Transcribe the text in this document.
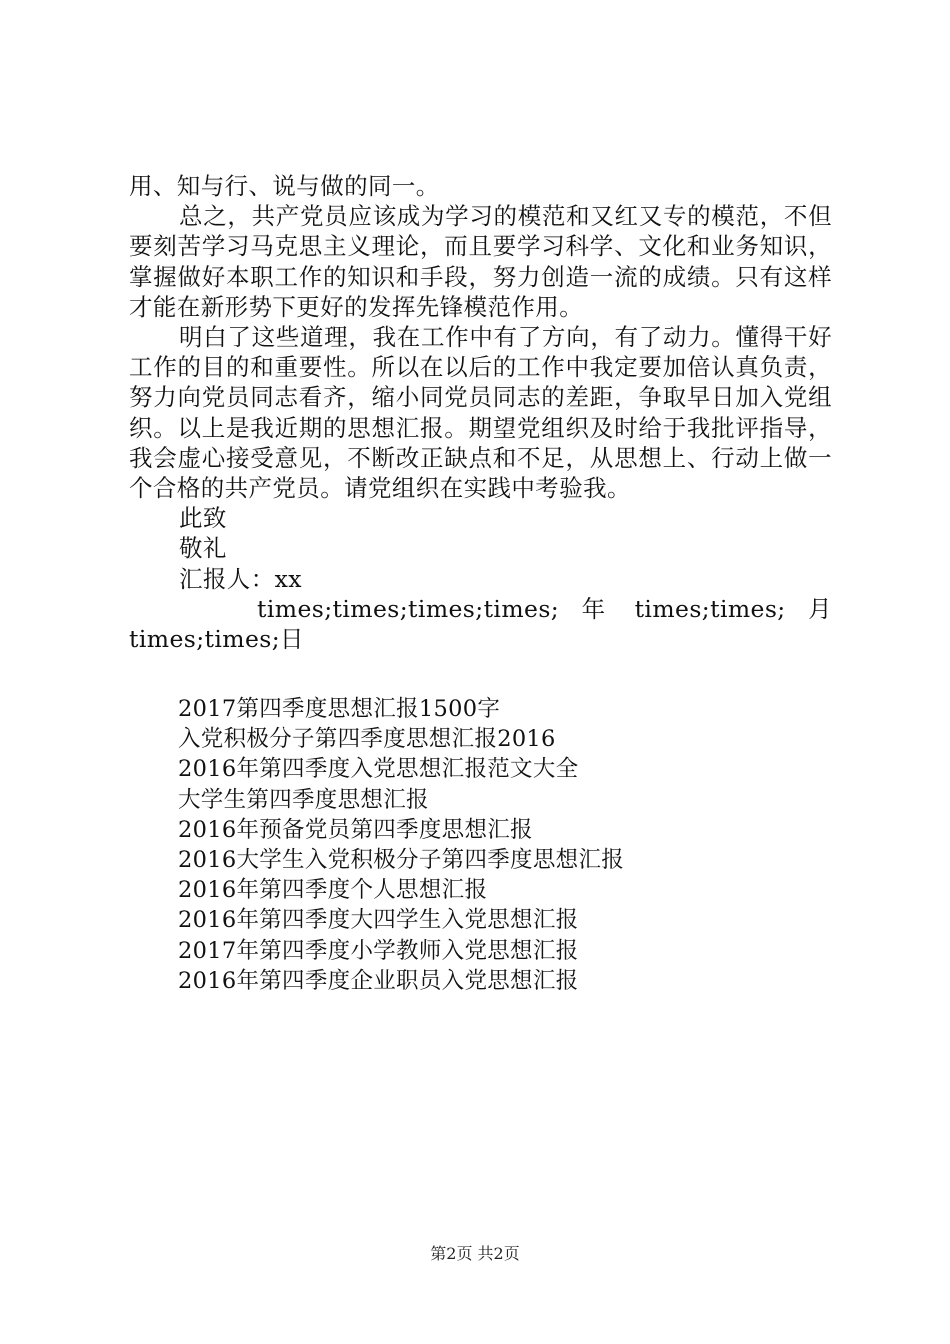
用、知与行、说与做的同一。

总之，共产党员应该成为学习的模范和又红又专的模范，不但要刻苦学习马克思主义理论，而且要学习科学、文化和业务知识，掌握做好本职工作的知识和手段，努力创造一流的成绩。只有这样才能在新形势下更好的发挥先锋模范作用。

明白了这些道理，我在工作中有了方向，有了动力。懂得干好工作的目的和重要性。所以在以后的工作中我定要加倍认真负责，努力向党员同志看齐，缩小同党员同志的差距，争取早日加入党组织。以上是我近期的思想汇报。期望党组织及时给于我批评指导，我会虚心接受意见，不断改正缺点和不足，从思想上、行动上做一个合格的共产党员。请党组织在实践中考验我。

此致

敬礼

汇报人：xx

times;times;times;times; 年 times;times; 月 times;times;日

2017第四季度思想汇报1500字
入党积极分子第四季度思想汇报2016
2016年第四季度入党思想汇报范文大全
大学生第四季度思想汇报
2016年预备党员第四季度思想汇报
2016大学生入党积极分子第四季度思想汇报
2016年第四季度个人思想汇报
2016年第四季度大四学生入党思想汇报
2017年第四季度小学教师入党思想汇报
2016年第四季度企业职员入党思想汇报
第2页 共2页
